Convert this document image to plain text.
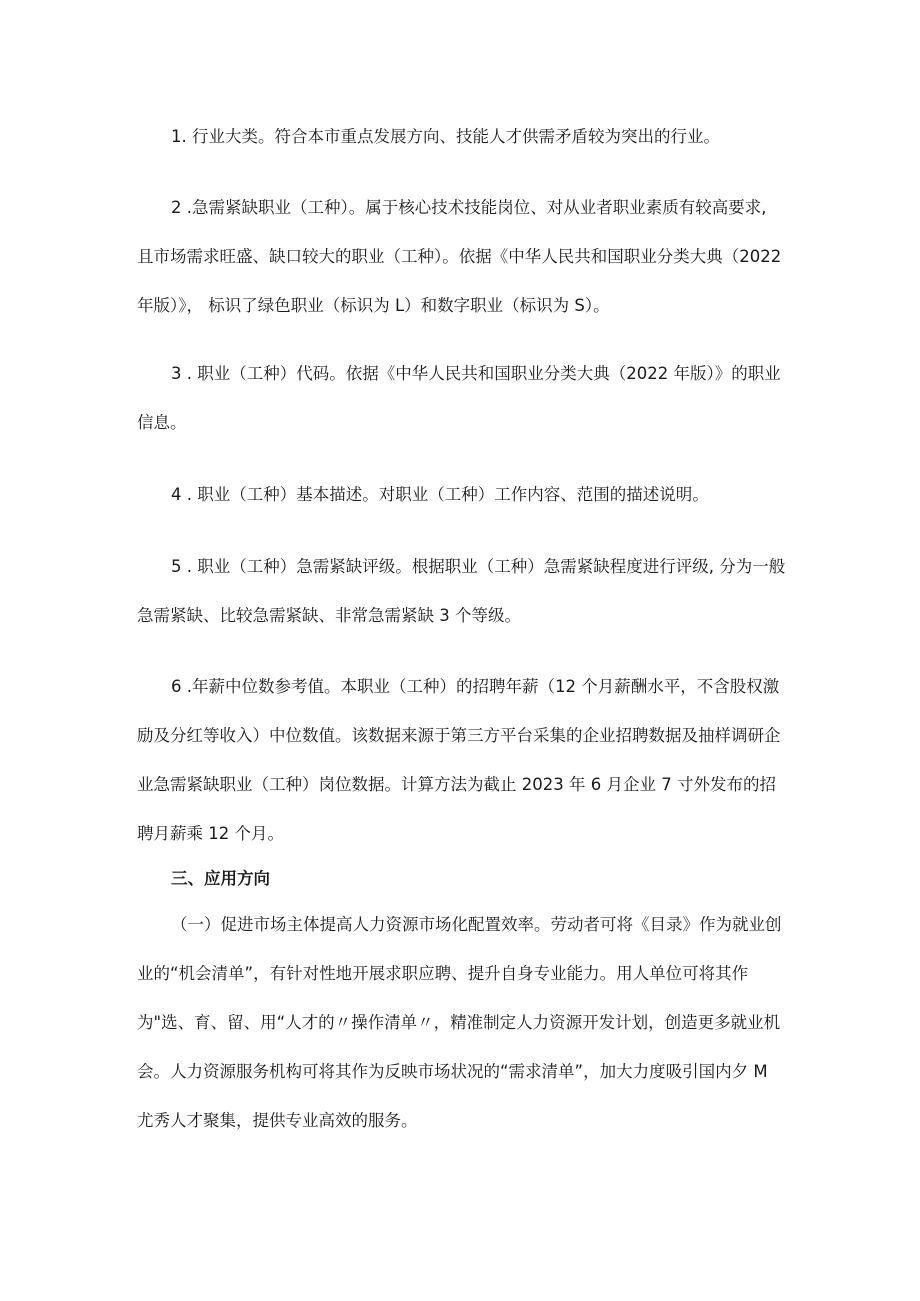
1. 行业大类。符合本市重点发展方向、技能人才供需矛盾较为突出的行业。
2 .急需紧缺职业（工种）。属于核心技术技能岗位、对从业者职业素质有较高要求, 且市场需求旺盛、缺口较大的职业（工种）。依据《中华人民共和国职业分类大典（2022 年版）》， 标识了绿色职业（标识为 L）和数字职业（标识为 S）。
3 . 职业（工种）代码。依据《中华人民共和国职业分类大典（2022 年版）》的职业信息。
4 . 职业（工种）基本描述。对职业（工种）工作内容、范围的描述说明。
5 . 职业（工种）急需紧缺评级。根据职业（工种）急需紧缺程度进行评级, 分为一般急需紧缺、比较急需紧缺、非常急需紧缺 3 个等级。
6 .年薪中位数参考值。本职业（工种）的招聘年薪（12 个月薪酬水平，不含股权激励及分红等收入）中位数值。该数据来源于第三方平台采集的企业招聘数据及抽样调研企业急需紧缺职业（工种）岗位数据。计算方法为截止 2023 年 6 月企业 7 寸外发布的招聘月薪乘 12 个月。
三、应用方向
（一）促进市场主体提高人力资源市场化配置效率。劳动者可将《目录》作为就业创业的“机会清单”，有针对性地开展求职应聘、提升自身专业能力。用人单位可将其作为"选、育、留、用“人才的〃操作清单〃，精准制定人力资源开发计划，创造更多就业机会。人力资源服务机构可将其作为反映市场状况的“需求清单”，加大力度吸引国内夕 M 尤秀人才聚集，提供专业高效的服务。
